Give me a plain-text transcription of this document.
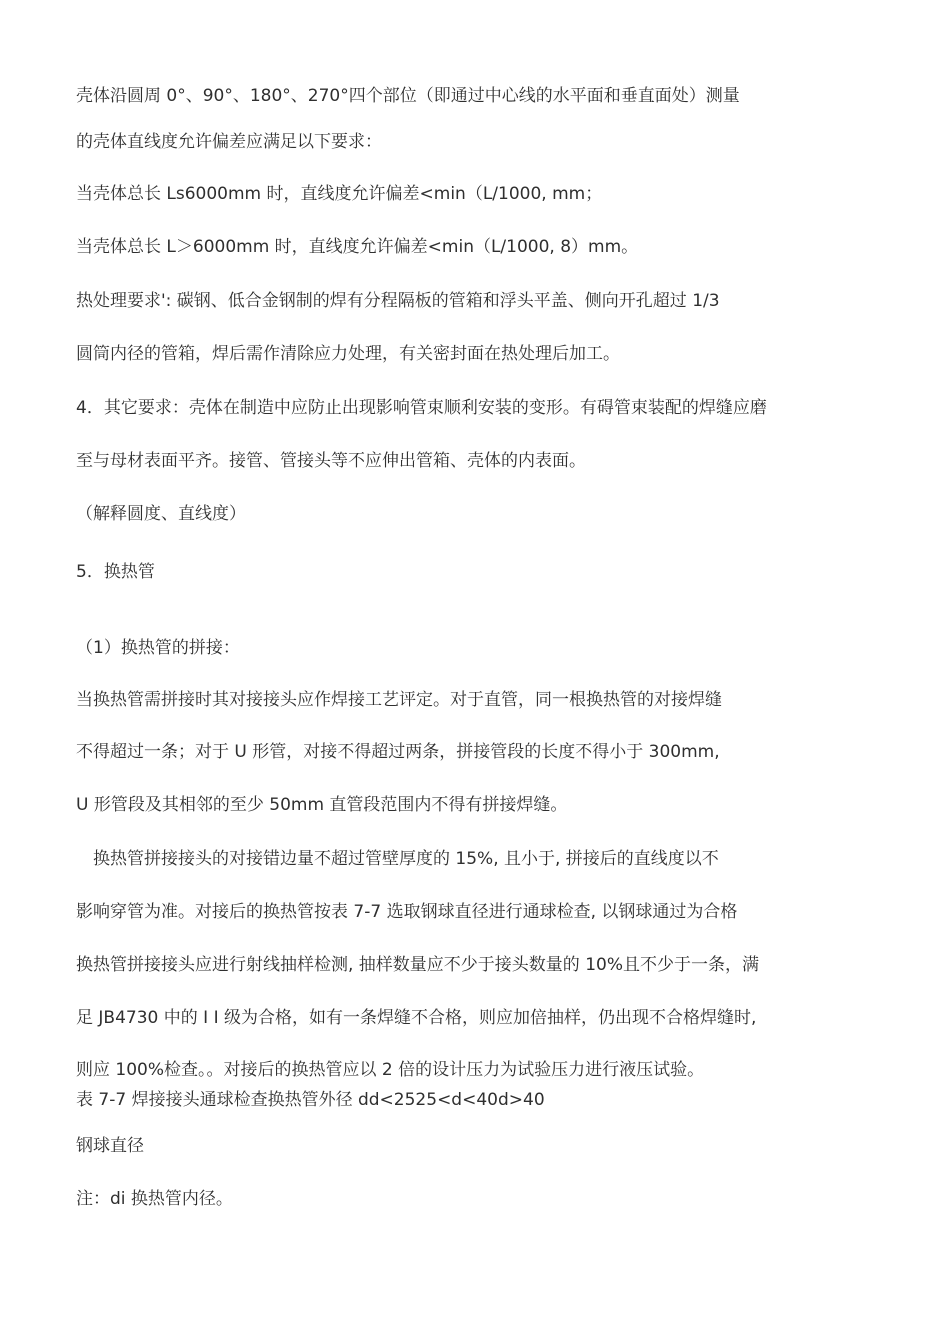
壳体沿圆周 0°、90°、180°、270°四个部位（即通过中心线的水平面和垂直面处）测量
的壳体直线度允许偏差应满足以下要求：
当壳体总长 Ls6000mm 时，直线度允许偏差<min（L/1000, mm；
当壳体总长 L＞6000mm 时，直线度允许偏差<min（L/1000, 8）mm。
热处理要求': 碳钢、低合金钢制的焊有分程隔板的管箱和浮头平盖、侧向开孔超过 1/3
圆筒内径的管箱，焊后需作清除应力处理，有关密封面在热处理后加工。
4．其它要求：壳体在制造中应防止出现影响管束顺利安装的变形。有碍管束装配的焊缝应磨
至与母材表面平齐。接管、管接头等不应伸出管箱、壳体的内表面。
（解释圆度、直线度）
5．换热管
（1）换热管的拼接：
当换热管需拼接时其对接接头应作焊接工艺评定。对于直管，同一根换热管的对接焊缝
不得超过一条；对于 U 形管，对接不得超过两条，拼接管段的长度不得小于 300mm,
U 形管段及其相邻的至少 50mm 直管段范围内不得有拼接焊缝。
换热管拼接接头的对接错边量不超过管壁厚度的 15%, 且小于, 拼接后的直线度以不
影响穿管为准。对接后的换热管按表 7-7 选取钢球直径进行通球检查, 以钢球通过为合格
换热管拼接接头应进行射线抽样检测, 抽样数量应不少于接头数量的 10%且不少于一条，满
足 JB4730 中的 I I 级为合格，如有一条焊缝不合格，则应加倍抽样，仍出现不合格焊缝时,
则应 100%检查。。对接后的换热管应以 2 倍的设计压力为试验压力进行液压试验。
表 7-7 焊接接头通球检查换热管外径 dd<2525<d<40d>40
钢球直径
注：di 换热管内径。
